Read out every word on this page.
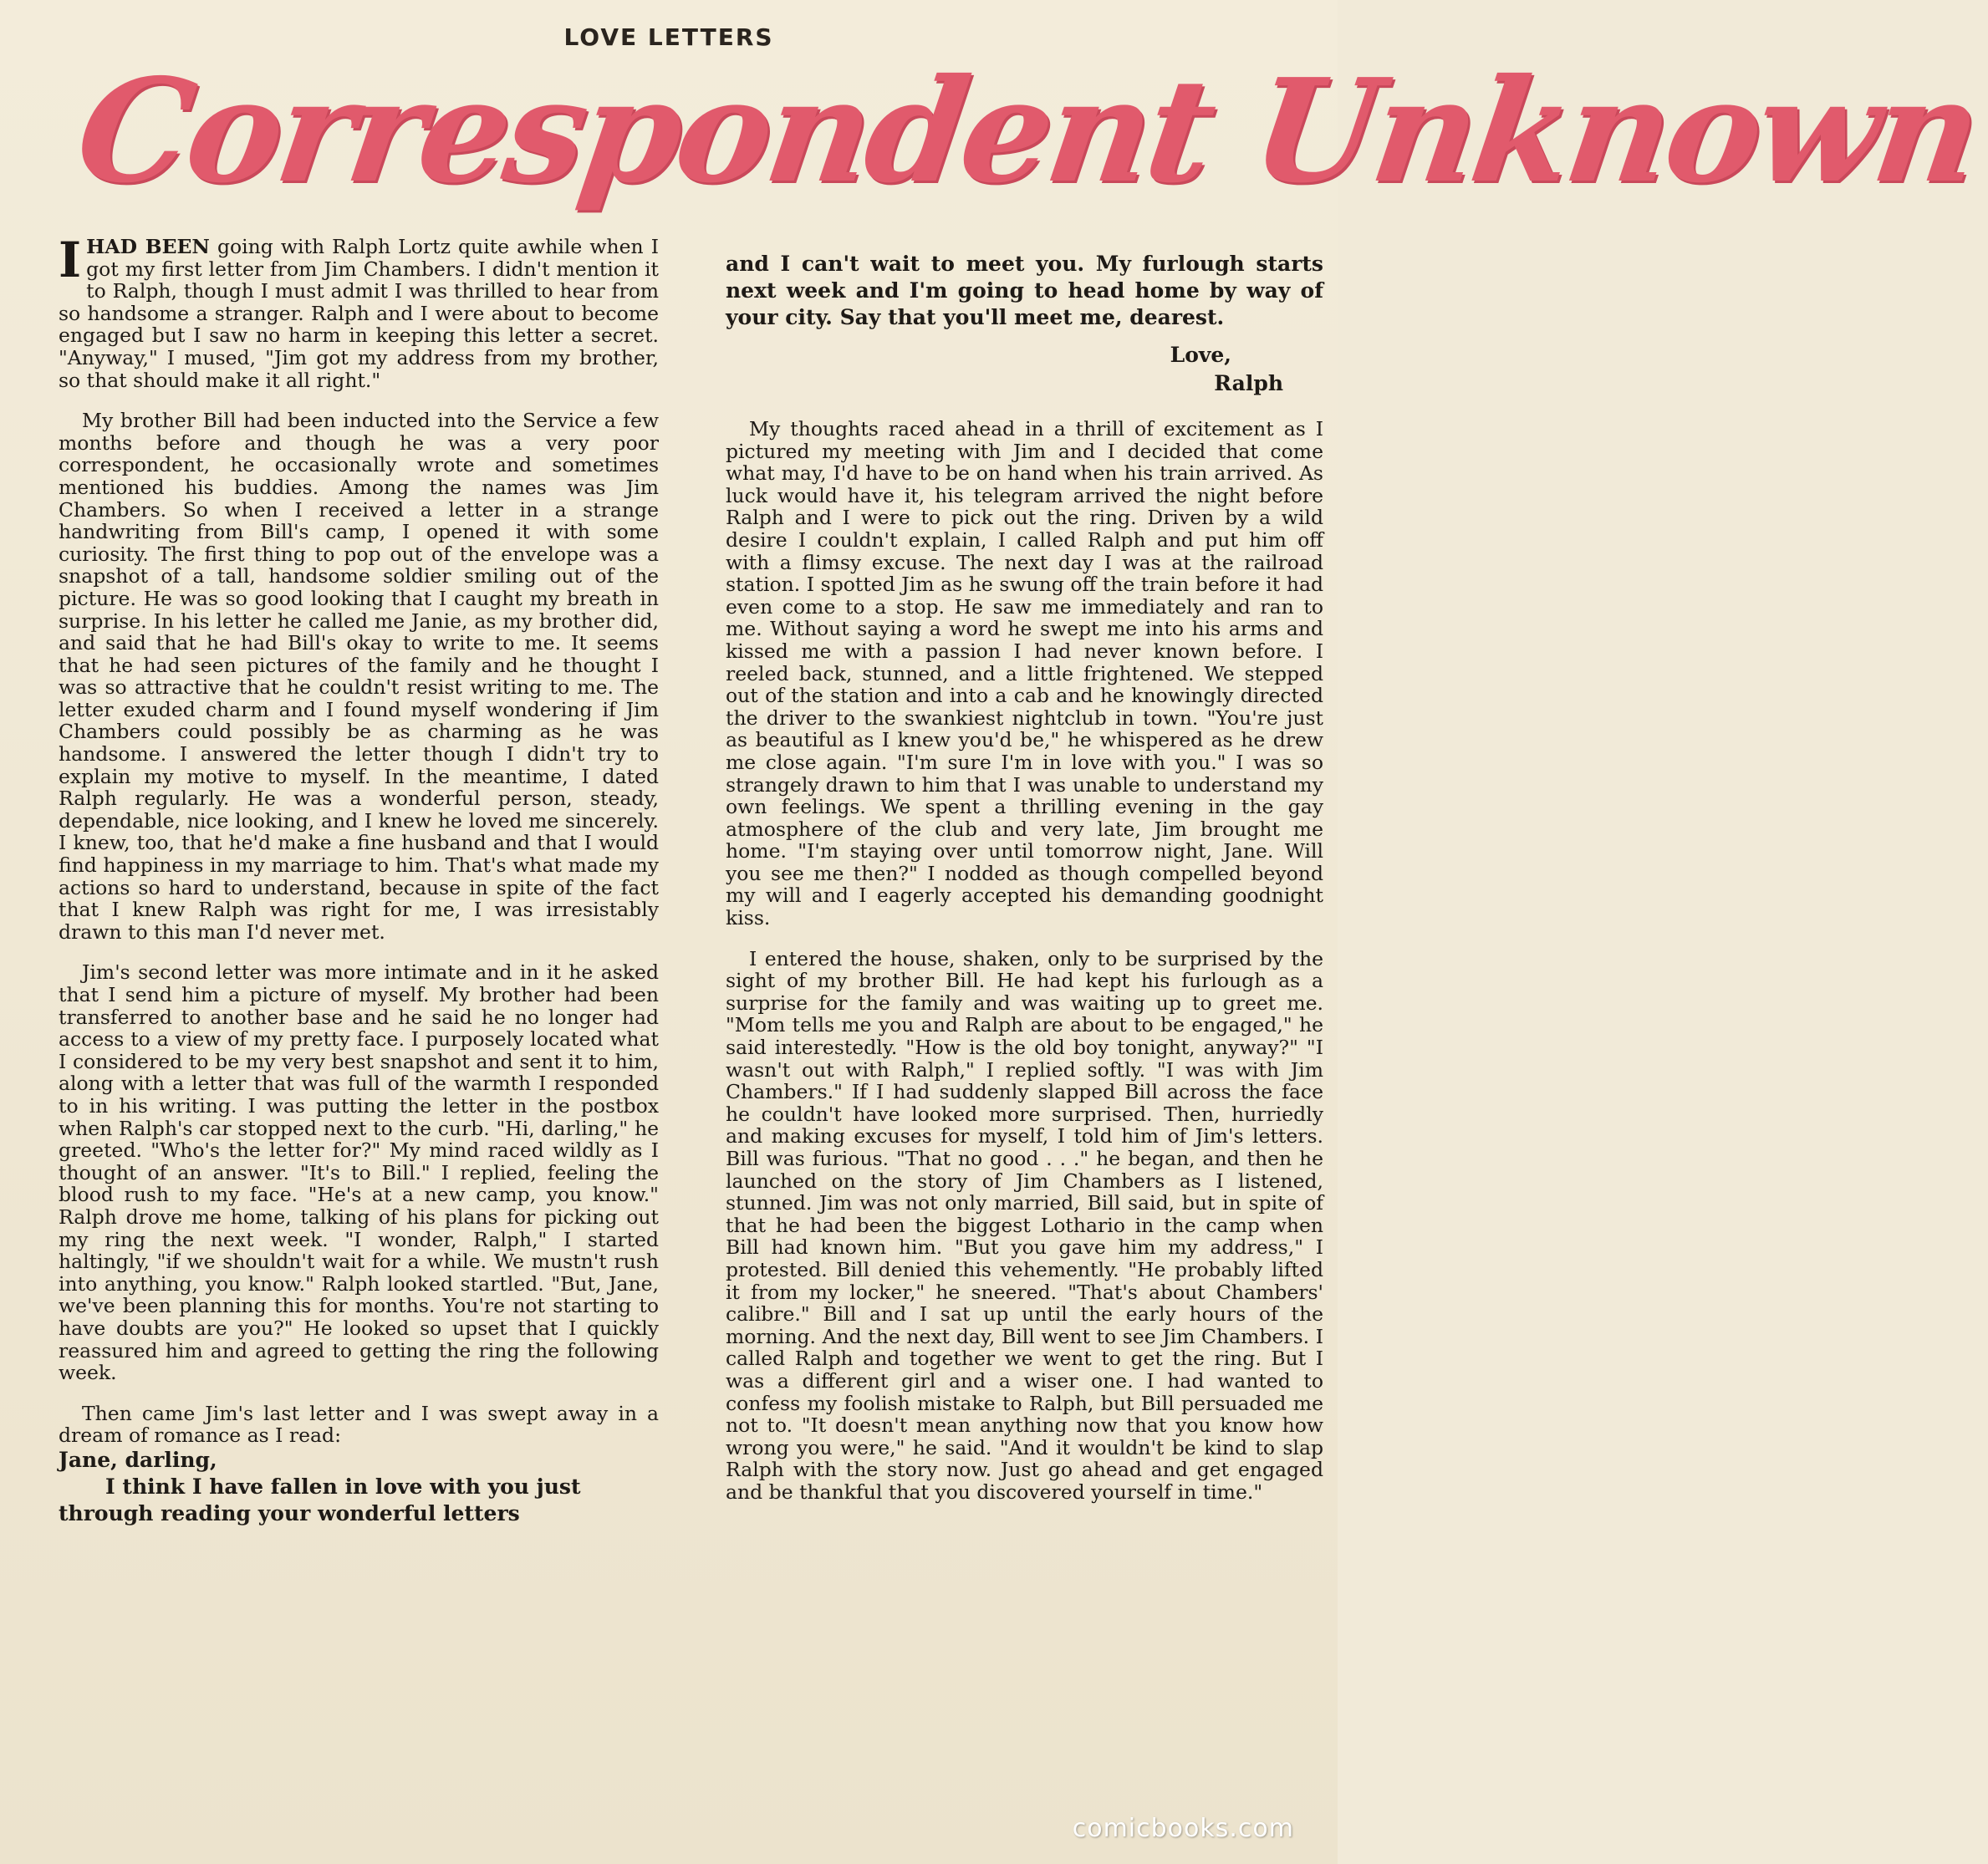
LOVE LETTERS
Correspondent Unknown

IHAD BEEN going with Ralph Lortz quite awhile when I got my first letter from Jim Chambers. I didn't mention it to Ralph, though I must admit I was thrilled to hear from so handsome a stranger. Ralph and I were about to become engaged but I saw no harm in keeping this letter a secret. "Anyway," I mused, "Jim got my address from my brother, so that should make it all right."

My brother Bill had been inducted into the Service a few months before and though he was a very poor correspondent, he occasionally wrote and sometimes mentioned his buddies. Among the names was Jim Chambers. So when I received a letter in a strange handwriting from Bill's camp, I opened it with some curiosity. The first thing to pop out of the envelope was a snapshot of a tall, handsome soldier smiling out of the picture. He was so good looking that I caught my breath in surprise. In his letter he called me Janie, as my brother did, and said that he had Bill's okay to write to me. It seems that he had seen pictures of the family and he thought I was so attractive that he couldn't resist writing to me. The letter exuded charm and I found myself wondering if Jim Chambers could possibly be as charming as he was handsome. I answered the letter though I didn't try to explain my motive to myself. In the meantime, I dated Ralph regularly. He was a wonderful person, steady, dependable, nice looking, and I knew he loved me sincerely. I knew, too, that he'd make a fine husband and that I would find happiness in my marriage to him. That's what made my actions so hard to understand, because in spite of the fact that I knew Ralph was right for me, I was irresistably drawn to this man I'd never met.

Jim's second letter was more intimate and in it he asked that I send him a picture of myself. My brother had been transferred to another base and he said he no longer had access to a view of my pretty face. I purposely located what I considered to be my very best snapshot and sent it to him, along with a letter that was full of the warmth I responded to in his writing. I was putting the letter in the postbox when Ralph's car stopped next to the curb. "Hi, darling," he greeted. "Who's the letter for?" My mind raced wildly as I thought of an answer. "It's to Bill." I replied, feeling the blood rush to my face. "He's at a new camp, you know." Ralph drove me home, talking of his plans for picking out my ring the next week. "I wonder, Ralph," I started haltingly, "if we shouldn't wait for a while. We mustn't rush into anything, you know." Ralph looked startled. "But, Jane, we've been planning this for months. You're not starting to have doubts are you?" He looked so upset that I quickly reassured him and agreed to getting the ring the following week.

Then came Jim's last letter and I was swept away in a dream of romance as I read:

Jane, darling,

I think I have fallen in love with you just through reading your wonderful letters

and I can't wait to meet you. My furlough starts next week and I'm going to head home by way of your city. Say that you'll meet me, dearest.

Love,
Ralph

My thoughts raced ahead in a thrill of excitement as I pictured my meeting with Jim and I decided that come what may, I'd have to be on hand when his train arrived. As luck would have it, his telegram arrived the night before Ralph and I were to pick out the ring. Driven by a wild desire I couldn't explain, I called Ralph and put him off with a flimsy excuse. The next day I was at the railroad station. I spotted Jim as he swung off the train before it had even come to a stop. He saw me immediately and ran to me. Without saying a word he swept me into his arms and kissed me with a passion I had never known before. I reeled back, stunned, and a little frightened. We stepped out of the station and into a cab and he knowingly directed the driver to the swankiest nightclub in town. "You're just as beautiful as I knew you'd be," he whispered as he drew me close again. "I'm sure I'm in love with you." I was so strangely drawn to him that I was unable to understand my own feelings. We spent a thrilling evening in the gay atmosphere of the club and very late, Jim brought me home. "I'm staying over until tomorrow night, Jane. Will you see me then?" I nodded as though compelled beyond my will and I eagerly accepted his demanding goodnight kiss.

I entered the house, shaken, only to be surprised by the sight of my brother Bill. He had kept his furlough as a surprise for the family and was waiting up to greet me. "Mom tells me you and Ralph are about to be engaged," he said interestedly. "How is the old boy tonight, anyway?" "I wasn't out with Ralph," I replied softly. "I was with Jim Chambers." If I had suddenly slapped Bill across the face he couldn't have looked more surprised. Then, hurriedly and making excuses for myself, I told him of Jim's letters. Bill was furious. "That no good . . ." he began, and then he launched on the story of Jim Chambers as I listened, stunned. Jim was not only married, Bill said, but in spite of that he had been the biggest Lothario in the camp when Bill had known him. "But you gave him my address," I protested. Bill denied this vehemently. "He probably lifted it from my locker," he sneered. "That's about Chambers' calibre." Bill and I sat up until the early hours of the morning. And the next day, Bill went to see Jim Chambers. I called Ralph and together we went to get the ring. But I was a different girl and a wiser one. I had wanted to confess my foolish mistake to Ralph, but Bill persuaded me not to. "It doesn't mean anything now that you know how wrong you were," he said. "And it wouldn't be kind to slap Ralph with the story now. Just go ahead and get engaged and be thankful that you discovered yourself in time."

comicbooks.com
